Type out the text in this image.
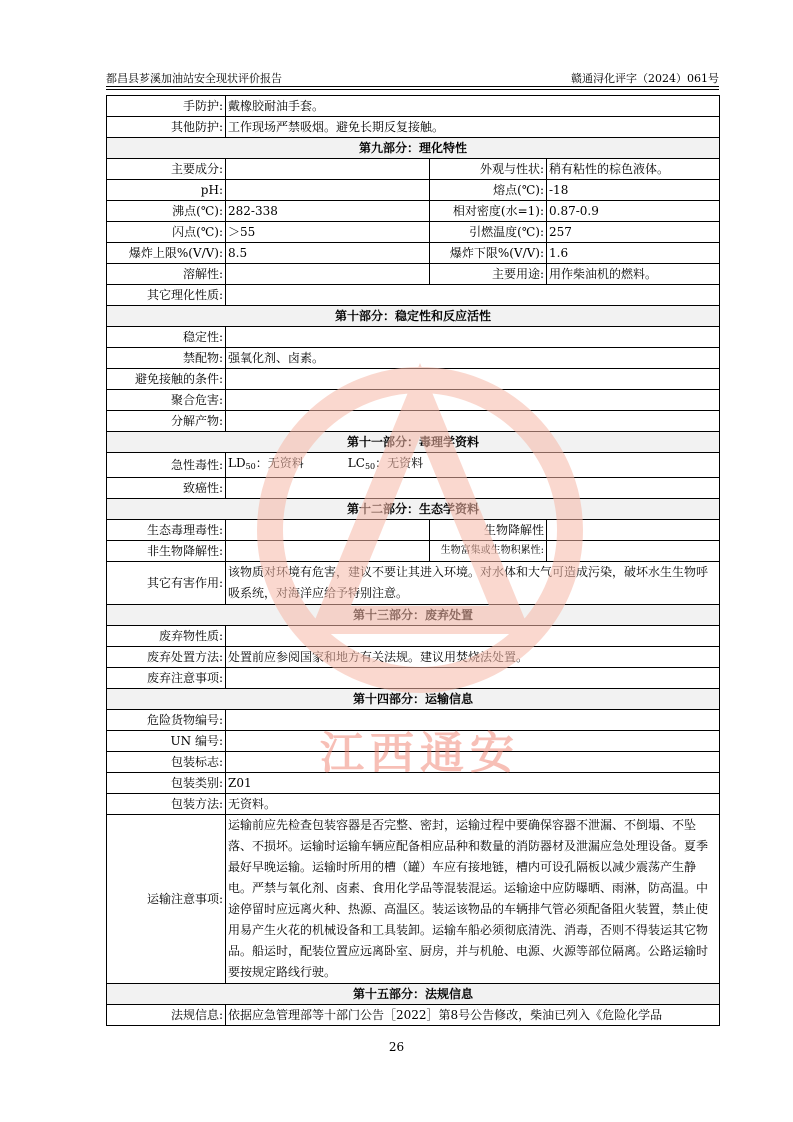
都昌县芗溪加油站安全现状评价报告	赣通浔化评字（2024）061号
手防护:	戴橡胶耐油手套。		
其他防护:	工作现场严禁吸烟。避免长期反复接触。		
第九部分：理化特性			
主要成分:		外观与性状:	稍有粘性的棕色液体。
pH:		熔点(℃):	-18
沸点(℃):	282-338	相对密度(水=1):	0.87-0.9
闪点(℃):	＞55	引燃温度(℃):	257
爆炸上限%(V/V):	8.5	爆炸下限%(V/V):	1.6
溶解性:		主要用途:	用作柴油机的燃料。
其它理化性质:			
第十部分：稳定性和反应活性			
稳定性:			
禁配物:	强氧化剂、卤素。		
避免接触的条件:			
聚合危害:			
分解产物:			
第十一部分：毒理学资料			
急性毒性:	$LD_{50}$：无资料 $LC_{50}$：无资料		
致癌性:			
第十二部分：生态学资料			
生态毒理毒性:		生物降解性	
非生物降解性:		生物富集或生物积累性:	
其它有害作用:	该物质对环境有危害，建议不要让其进入环境。对水体和大气可造成污染，破坏水生生物呼吸系统，对海洋应给予特别注意。		
第十三部分：废弃处置			
废弃物性质:			
废弃处置方法:	处置前应参阅国家和地方有关法规。建议用焚烧法处置。		
废弃注意事项:			
第十四部分：运输信息			
危险货物编号:			
UN 编号:			
包装标志:			
包装类别:	Z01		
包装方法:	无资料。		
运输注意事项:	运输前应先检查包装容器是否完整、密封，运输过程中要确保容器不泄漏、不倒塌、不坠落、不损坏。运输时运输车辆应配备相应品种和数量的消防器材及泄漏应急处理设备。夏季最好早晚运输。运输时所用的槽（罐）车应有接地链，槽内可设孔隔板以减少震荡产生静电。严禁与氧化剂、卤素、食用化学品等混装混运。运输途中应防曝晒、雨淋，防高温。中途停留时应远离火种、热源、高温区。装运该物品的车辆排气管必须配备阻火装置，禁止使用易产生火花的机械设备和工具装卸。运输车船必须彻底清洗、消毒，否则不得装运其它物品。船运时，配装位置应远离卧室、厨房，并与机舱、电源、火源等部位隔离。公路运输时要按规定路线行驶。		
第十五部分：法规信息			
法规信息:	依据应急管理部等十部门公告［2022］第8号公告修改，柴油已列入《危险化学品		
江西通安
26
